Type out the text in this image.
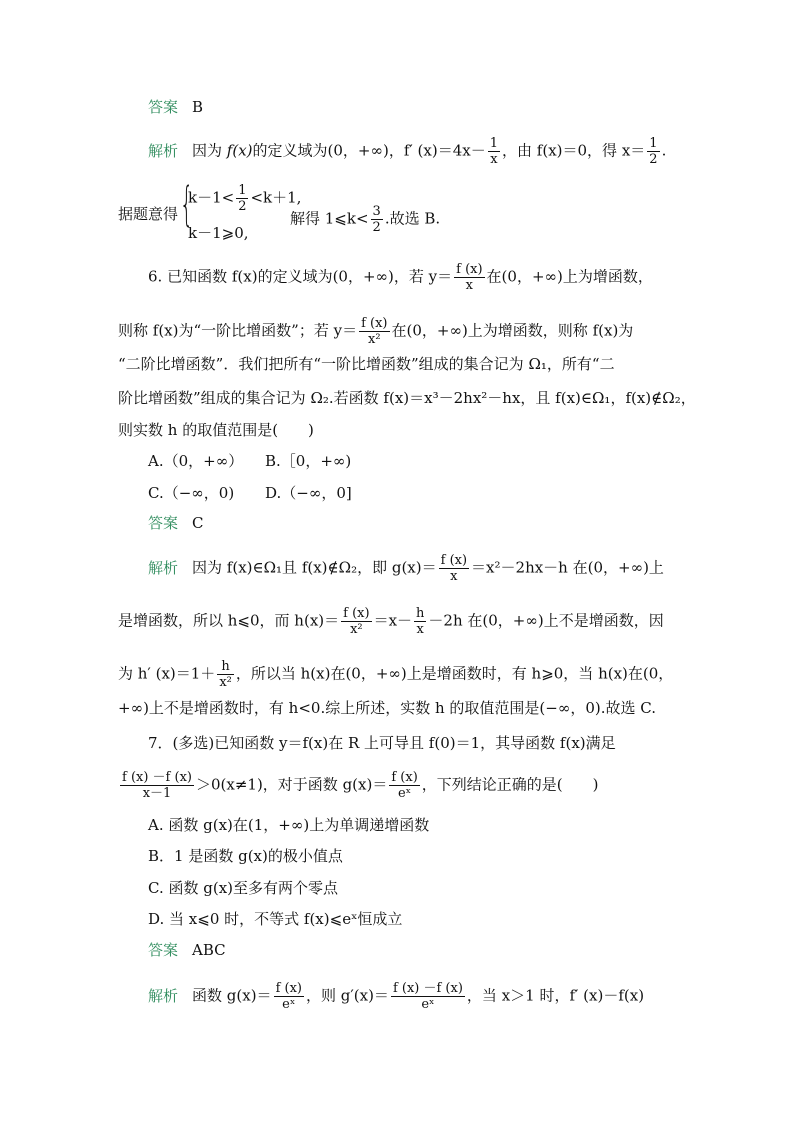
答案 B
解析 因为 f(x)的定义域为(0，+∞)，f′ $(x)=4x- \frac{1}{x}$ ，由 f(x)＝0，得 $x= \frac{1}{2}$ .
据题意得 {
$k-1< \frac{1}{2} <k+1$,
k－1⩾0,
解得 1⩽k< $\frac{3}{2}$ .故选 B.
6. 已知函数 f(x)的定义域为(0，+∞)，若 $y= \frac{f (x)}{x}$ 在(0，+∞)上为增函数，
则称 f(x)为“一阶比增函数”；若 $y= \frac{f (x)}{\text{x²}}$ 在(0，+∞)上为增函数，则称 f(x)为
“二阶比增函数”．我们把所有“一阶比增函数”组成的集合记为 Ω₁，所有“二
阶比增函数”组成的集合记为 Ω₂.若函数 f(x)＝x³－2hx²－hx，且 f(x)∈Ω₁，f(x)∉Ω₂，
则实数 h 的取值范围是(　　)
A.（0，+∞） B.［0，+∞)
C.（−∞，0) D.（−∞，0]
答案 C
解析 因为 f(x)∈Ω₁且 f(x)∉Ω₂，即 $g(x)= \frac{f (x)}{x} =x^2-2hx-h$ 在(0，+∞)上
是增函数，所以 h⩽0，而 $h(x)= \frac{f (x)}{\text{x²}} =x- \frac{h}{x} -2h$ 在(0，+∞)上不是增函数，因
为 h′ $(x)=1+ \frac{h}{\text{x²}}$ ，所以当 h(x)在(0，+∞)上是增函数时，有 h⩾0，当 h(x)在(0，
+∞)上不是增函数时，有 h<0.综上所述，实数 h 的取值范围是(−∞，0).故选 C.
7．(多选)已知函数 y＝f(x)在 R 上可导且 f(0)＝1，其导函数 f(x)满足
$\frac{f (x) -f (x)}{x-1} >0(x\ne 1)$，对于函数 $g(x)= \frac{f (x)}{\text{eˣ}}$ ，下列结论正确的是(　　)
A. 函数 g(x)在(1，+∞)上为单调递增函数
B．1 是函数 g(x)的极小值点
C. 函数 g(x)至多有两个零点
D. 当 x⩽0 时，不等式 f(x)⩽eˣ恒成立
答案 ABC
解析 函数 $g(x)= \frac{f (x)}{\text{eˣ}}$ ，则 $g'(x)= \frac{f (x) -f (x)}{\text{eˣ}}$ ，当 x＞1 时，f′ (x)－f(x)
